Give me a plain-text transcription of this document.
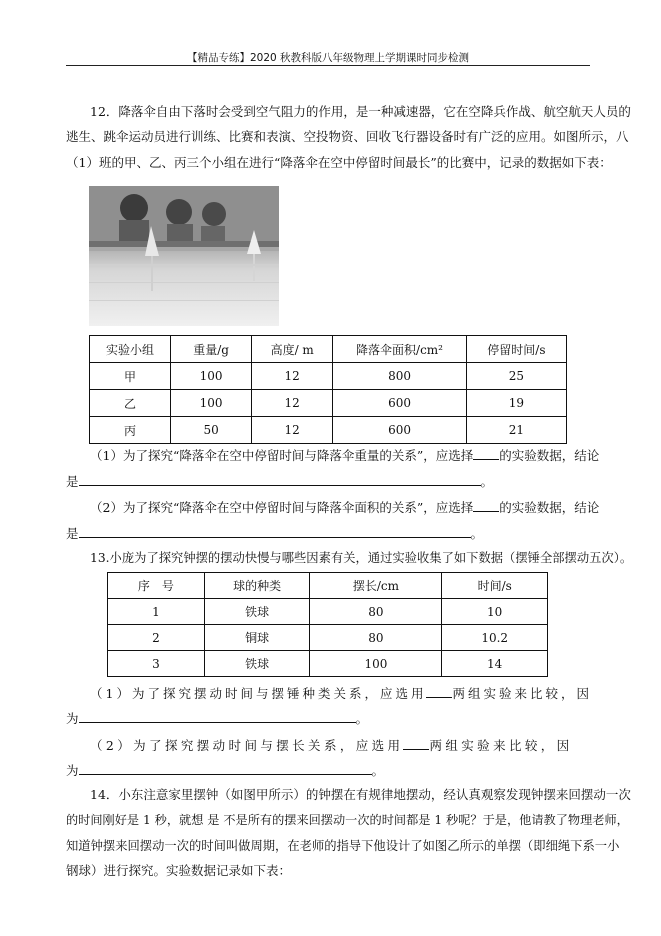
【精品专练】2020 秋教科版八年级物理上学期课时同步检测
12．降落伞自由下落时会受到空气阻力的作用，是一种减速器，它在空降兵作战、航空航天人员的
逃生、跳伞运动员进行训练、比赛和表演、空投物资、回收飞行器设备时有广泛的应用。如图所示，八
（1）班的甲、乙、丙三个小组在进行“降落伞在空中停留时间最长”的比赛中，记录的数据如下表：
实验小组	重量/g	高度/ m	降落伞面积/cm²	停留时间/s
甲	100	12	800	25
乙	100	12	600	19
丙	50	12	600	21
（1）为了探究“降落伞在空中停留时间与降落伞重量的关系”，应选择 的实验数据，结论
是	。
（2）为了探究“降落伞在空中停留时间与降落伞面积的关系”，应选择 的实验数据，结论
是	。
13.小庞为了探究钟摆的摆动快慢与哪些因素有关，通过实验收集了如下数据（摆锤全部摆动五次）。
序　号	球的种类	摆长/cm	时间/s
1	铁球	80	10
2	铜球	80	10.2
3	铁球	100	14
（1）为了探究摆动时间与摆锤种类关系，应选用 两组实验来比较，因
为	。
（2）为了探究摆动时间与摆长关系，应选用 两组实验来比较，因
为	。
14．小东注意家里摆钟（如图甲所示）的钟摆在有规律地摆动，经认真观察发现钟摆来回摆动一次
的时间刚好是 1 秒，就想 是 不是所有的摆来回摆动一次的时间都是 1 秒呢？于是，他请教了物理老师，
知道钟摆来回摆动一次的时间叫做周期，在老师的指导下他设计了如图乙所示的单摆（即细绳下系一小
钢球）进行探究。实验数据记录如下表：
